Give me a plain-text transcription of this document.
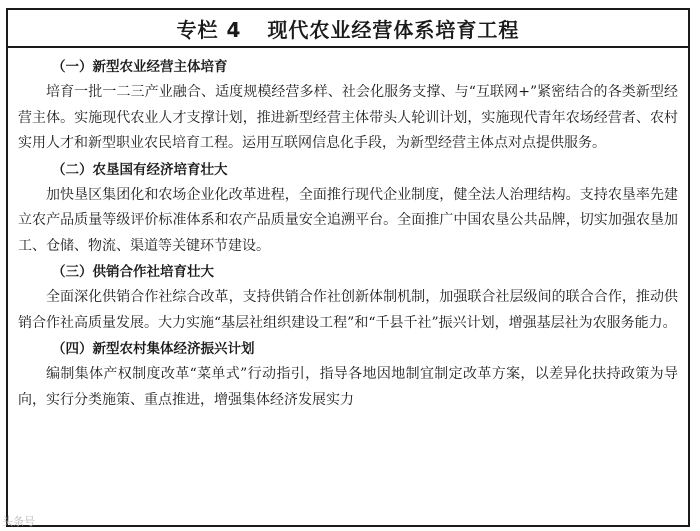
专栏 4 现代农业经营体系培育工程
（一）新型农业经营主体培育

培育一批一二三产业融合、适度规模经营多样、社会化服务支撑、与“互联网+”紧密结合的各类新型经营主体。实施现代农业人才支撑计划，推进新型经营主体带头人轮训计划，实施现代青年农场经营者、农村实用人才和新型职业农民培育工程。运用互联网信息化手段，为新型经营主体点对点提供服务。

（二）农垦国有经济培育壮大

加快垦区集团化和农场企业化改革进程，全面推行现代企业制度，健全法人治理结构。支持农垦率先建立农产品质量等级评价标准体系和农产品质量安全追溯平台。全面推广中国农垦公共品牌，切实加强农垦加工、仓储、物流、渠道等关键环节建设。

（三）供销合作社培育壮大

全面深化供销合作社综合改革，支持供销合作社创新体制机制，加强联合社层级间的联合合作，推动供销合作社高质量发展。大力实施“基层社组织建设工程”和“千县千社”振兴计划，增强基层社为农服务能力。

（四）新型农村集体经济振兴计划

编制集体产权制度改革“菜单式”行动指引，指导各地因地制宜制定改革方案，以差异化扶持政策为导向，实行分类施策、重点推进，增强集体经济发展实力

头条号
